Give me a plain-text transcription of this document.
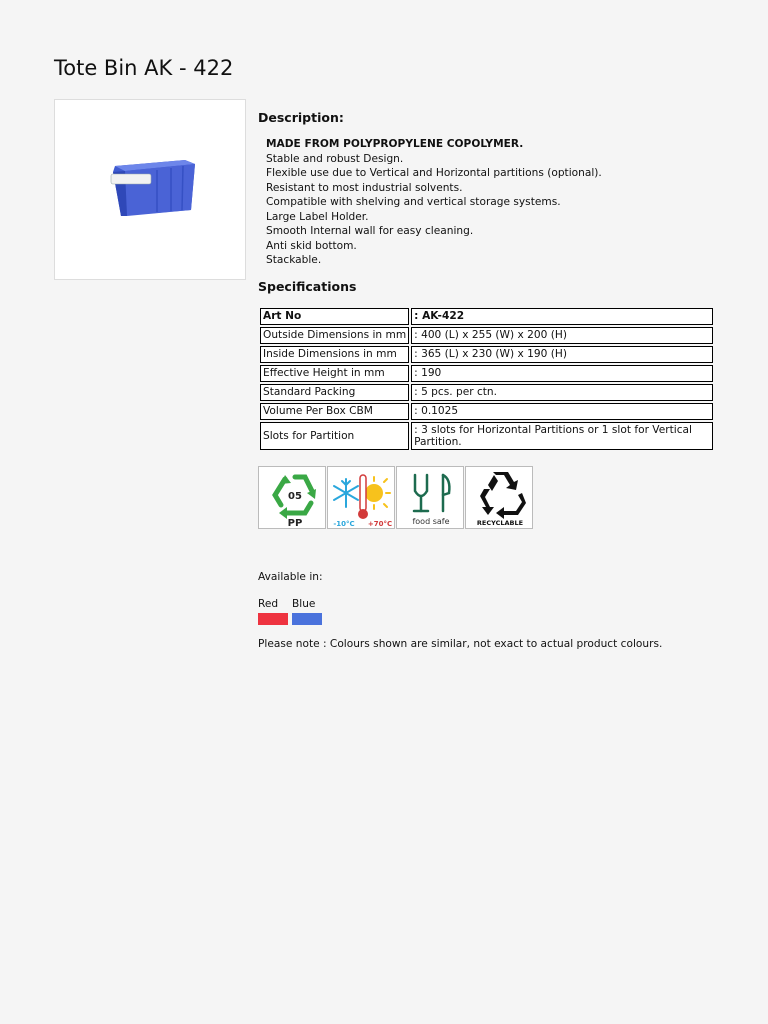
Tote Bin AK - 422
Description:
MADE FROM POLYPROPYLENE COPOLYMER.
Stable and robust Design.
Flexible use due to Vertical and Horizontal partitions (optional).
Resistant to most industrial solvents.
Compatible with shelving and vertical storage systems.
Large Label Holder.
Smooth Internal wall for easy cleaning.
Anti skid bottom.
Stackable.
Specifications
Art No	: AK-422
Outside Dimensions in mm	: 400 (L) x 255 (W) x 200 (H)
Inside Dimensions in mm	: 365 (L) x 230 (W) x 190 (H)
Effective Height in mm	: 190
Standard Packing	: 5 pcs. per ctn.
Volume Per Box CBM	: 0.1025
Slots for Partition	: 3 slots for Horizontal Partitions or 1 slot for Vertical Partition.
05
PP	-10°C +70°C	food safe	RECYCLABLE
Available in:
Red	Blue
Please note : Colours shown are similar, not exact to actual product colours.
